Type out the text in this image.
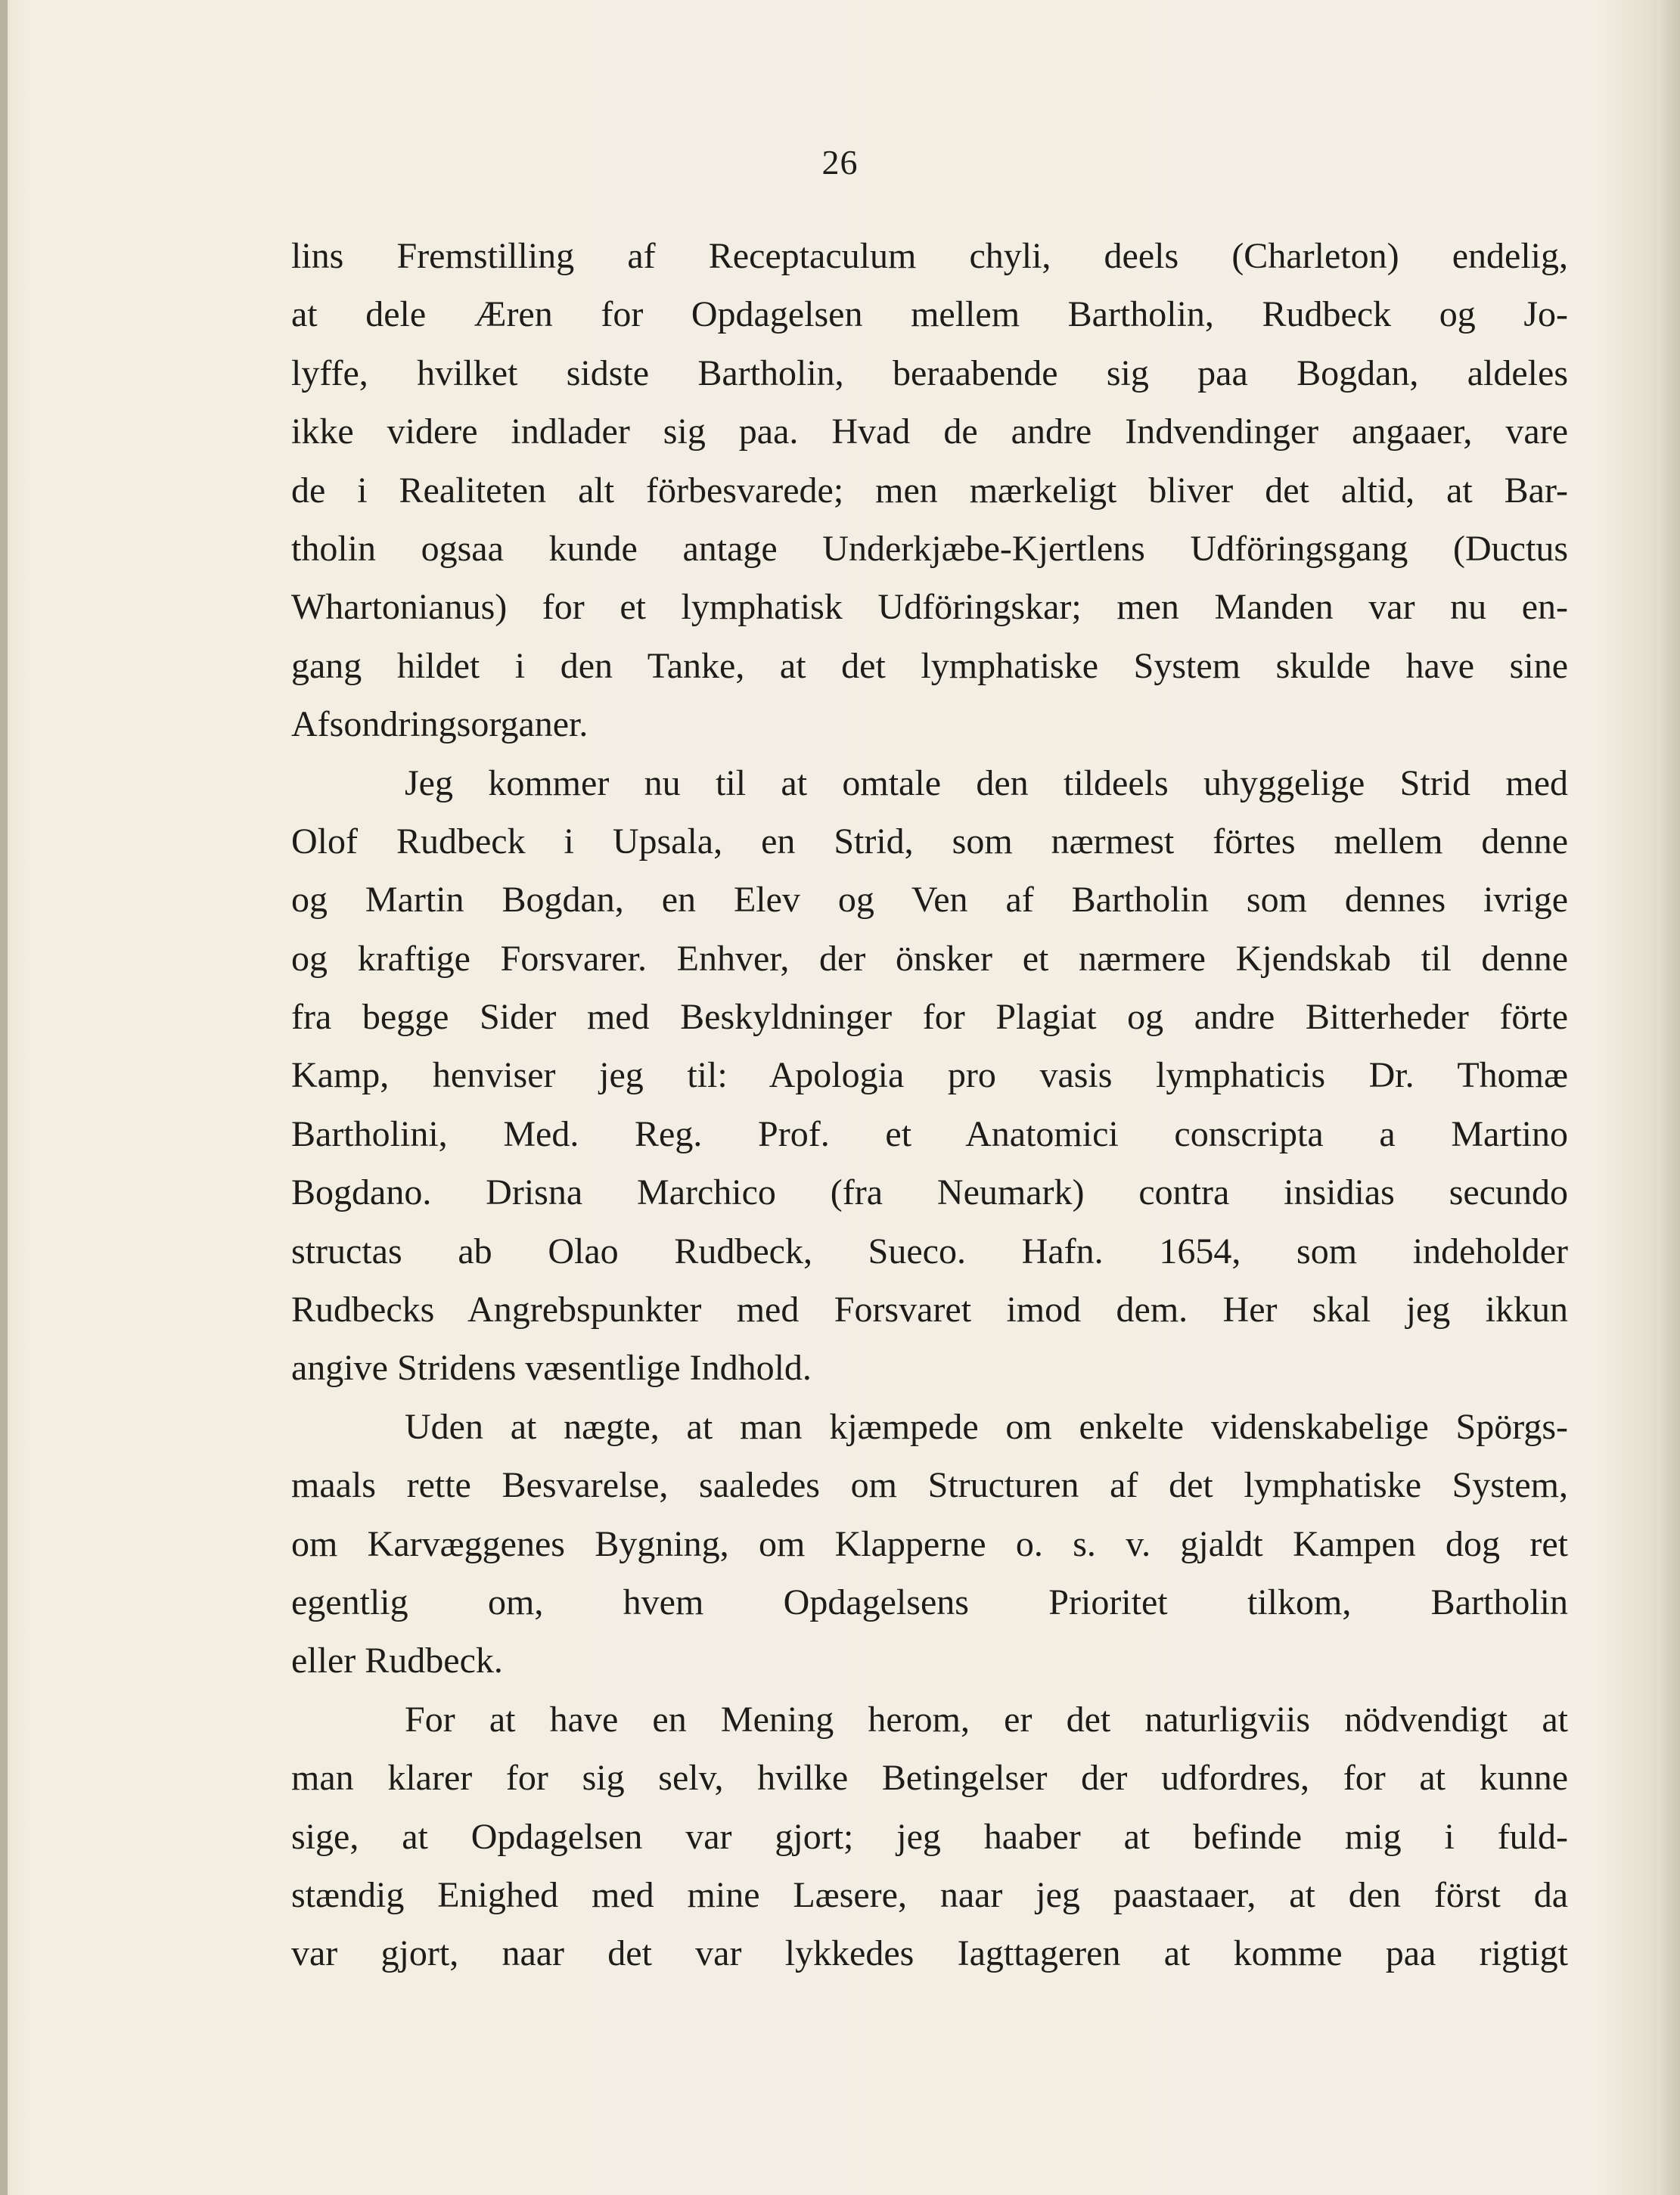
26
lins Fremstilling af Receptaculum chyli, deels (Charleton) endelig,
at dele Æren for Opdagelsen mellem Bartholin, Rudbeck og Jo-
lyffe, hvilket sidste Bartholin, beraabende sig paa Bogdan, aldeles
ikke videre indlader sig paa. Hvad de andre Indvendinger angaaer, vare
de i Realiteten alt förbesvarede; men mærkeligt bliver det altid, at Bar-
tholin ogsaa kunde antage Underkjæbe-Kjertlens Udföringsgang (Ductus
Whartonianus) for et lymphatisk Udföringskar; men Manden var nu en-
gang hildet i den Tanke, at det lymphatiske System skulde have sine
Afsondringsorganer.
Jeg kommer nu til at omtale den tildeels uhyggelige Strid med
Olof Rudbeck i Upsala, en Strid, som nærmest förtes mellem denne
og Martin Bogdan, en Elev og Ven af Bartholin som dennes ivrige
og kraftige Forsvarer. Enhver, der önsker et nærmere Kjendskab til denne
fra begge Sider med Beskyldninger for Plagiat og andre Bitterheder förte
Kamp, henviser jeg til: Apologia pro vasis lymphaticis Dr. Thomæ
Bartholini, Med. Reg. Prof. et Anatomici conscripta a Martino
Bogdano. Drisna Marchico (fra Neumark) contra insidias secundo
structas ab Olao Rudbeck, Sueco. Hafn. 1654, som indeholder
Rudbecks Angrebspunkter med Forsvaret imod dem. Her skal jeg ikkun
angive Stridens væsentlige Indhold.
Uden at nægte, at man kjæmpede om enkelte videnskabelige Spörgs-
maals rette Besvarelse, saaledes om Structuren af det lymphatiske System,
om Karvæggenes Bygning, om Klapperne o. s. v. gjaldt Kampen dog ret
egentlig om, hvem Opdagelsens Prioritet tilkom, Bartholin
eller Rudbeck.
For at have en Mening herom, er det naturligviis nödvendigt at
man klarer for sig selv, hvilke Betingelser der udfordres, for at kunne
sige, at Opdagelsen var gjort; jeg haaber at befinde mig i fuld-
stændig Enighed med mine Læsere, naar jeg paastaaer, at den först da
var gjort, naar det var lykkedes Iagttageren at komme paa rigtigt
